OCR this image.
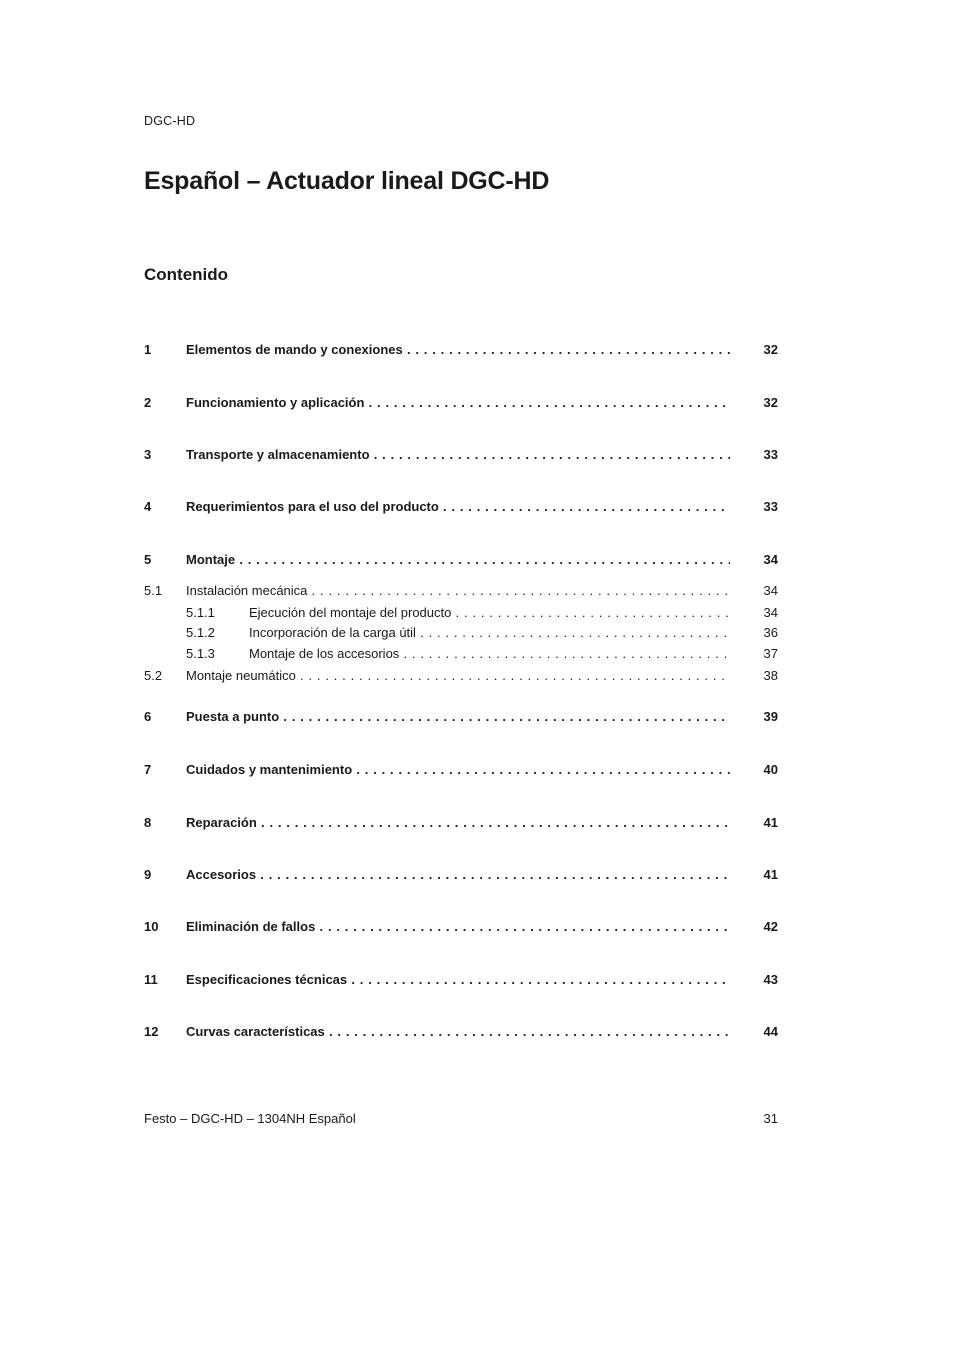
DGC-HD
Español – Actuador lineal DGC-HD
Contenido
1	Elementos de mando y conexiones . . .	32
2	Funcionamiento y aplicación . . .	32
3	Transporte y almacenamiento . . .	33
4	Requerimientos para el uso del producto . . .	33
5	Montaje . . .	34
5.1 Instalación mecánica . . .	34
5.1.1	Ejecución del montaje del producto . . .	34
5.1.2	Incorporación de la carga útil . . .	36
5.1.3	Montaje de los accesorios . . .	37
5.2 Montaje neumático . . .	38
6	Puesta a punto . . .	39
7	Cuidados y mantenimiento . . .	40
8	Reparación . . .	41
9	Accesorios . . .	41
10 Eliminación de fallos . . .	42
11 Especificaciones técnicas . . .	43
12 Curvas características . . .	44
Festo – DGC-HD – 1304NH Español	31
